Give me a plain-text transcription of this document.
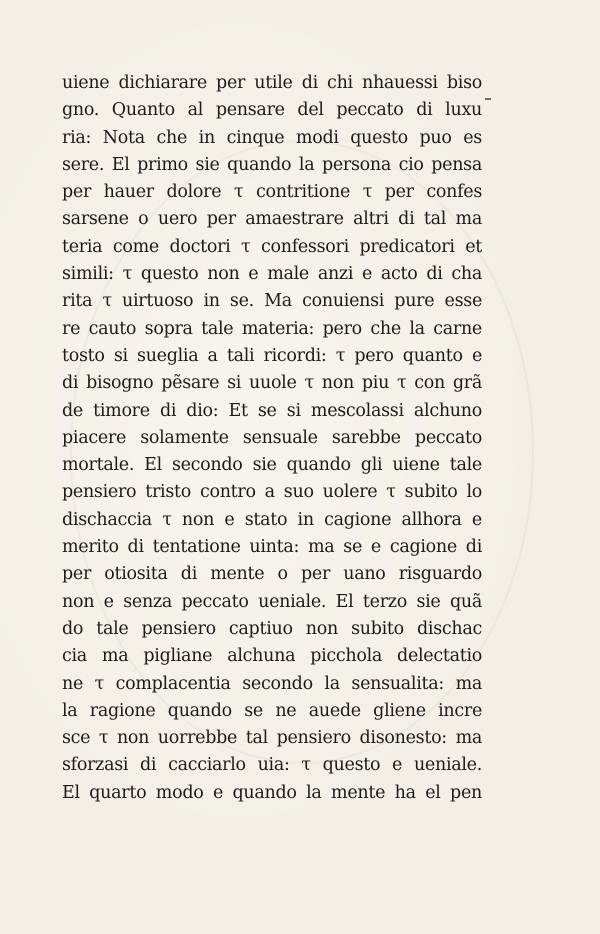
uiene dichiarare per utile di chi nhauessi biso
gno. Quanto al pensare del peccato di luxu
ria: Nota che in cinque modi questo puo es
sere. El primo sie quando la persona cio pensa
per hauer dolore τ contritione τ per confes
sarsene o uero per amaestrare altri di tal ma
teria come doctori τ confessori predicatori et
simili: τ questo non e male anzi e acto di cha
rita τ uirtuoso in se. Ma conuiensi pure esse
re cauto sopra tale materia: pero che la carne
tosto si sueglia a tali ricordi: τ pero quanto e
di bisogno pẽsare si uuole τ non piu τ con grã
de timore di dio: Et se si mescolassi alchuno
piacere solamente sensuale sarebbe peccato
mortale. El secondo sie quando gli uiene tale
pensiero tristo contro a suo uolere τ subito lo
dischaccia τ non e stato in cagione allhora e
merito di tentatione uinta: ma se e cagione di
per otiosita di mente o per uano risguardo
non e senza peccato ueniale. El terzo sie quã
do tale pensiero captiuo non subito dischac
cia ma pigliane alchuna picchola delectatio
ne τ complacentia secondo la sensualita: ma
la ragione quando se ne auede gliene incre
sce τ non uorrebbe tal pensiero disonesto: ma
sforzasi di cacciarlo uia: τ questo e ueniale.
El quarto modo e quando la mente ha el pen
